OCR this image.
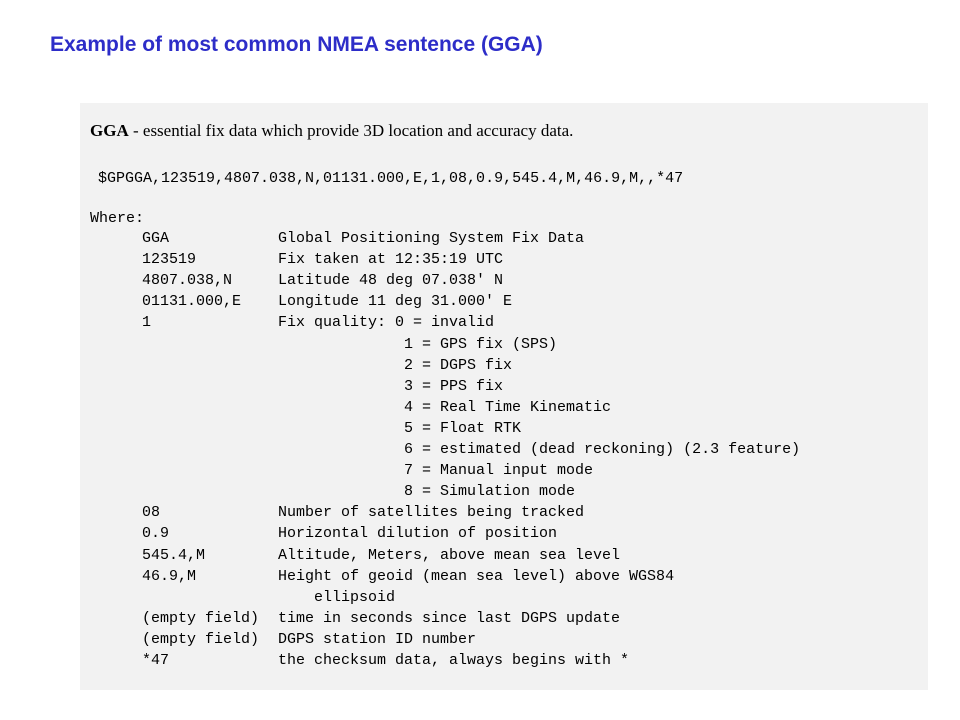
Example of most common NMEA sentence (GGA)
GGA - essential fix data which provide 3D location and accuracy data.
$GPGGA,123519,4807.038,N,01131.000,E,1,08,0.9,545.4,M,46.9,M,,*47
Where:
GGA	Global Positioning System Fix Data
123519	Fix taken at 12:35:19 UTC
4807.038,N	Latitude 48 deg 07.038' N
01131.000,E Longitude 11 deg 31.000' E
1	Fix quality: 0 = invalid
1 = GPS fix (SPS)
2 = DGPS fix
3 = PPS fix
4 = Real Time Kinematic
5 = Float RTK
6 = estimated (dead reckoning) (2.3 feature)
7 = Manual input mode
8 = Simulation mode
08	Number of satellites being tracked
0.9	Horizontal dilution of position
545.4,M	Altitude, Meters, above mean sea level
46.9,M	Height of geoid (mean sea level) above WGS84
ellipsoid
(empty field) time in seconds since last DGPS update
(empty field) DGPS station ID number
*47	the checksum data, always begins with *
